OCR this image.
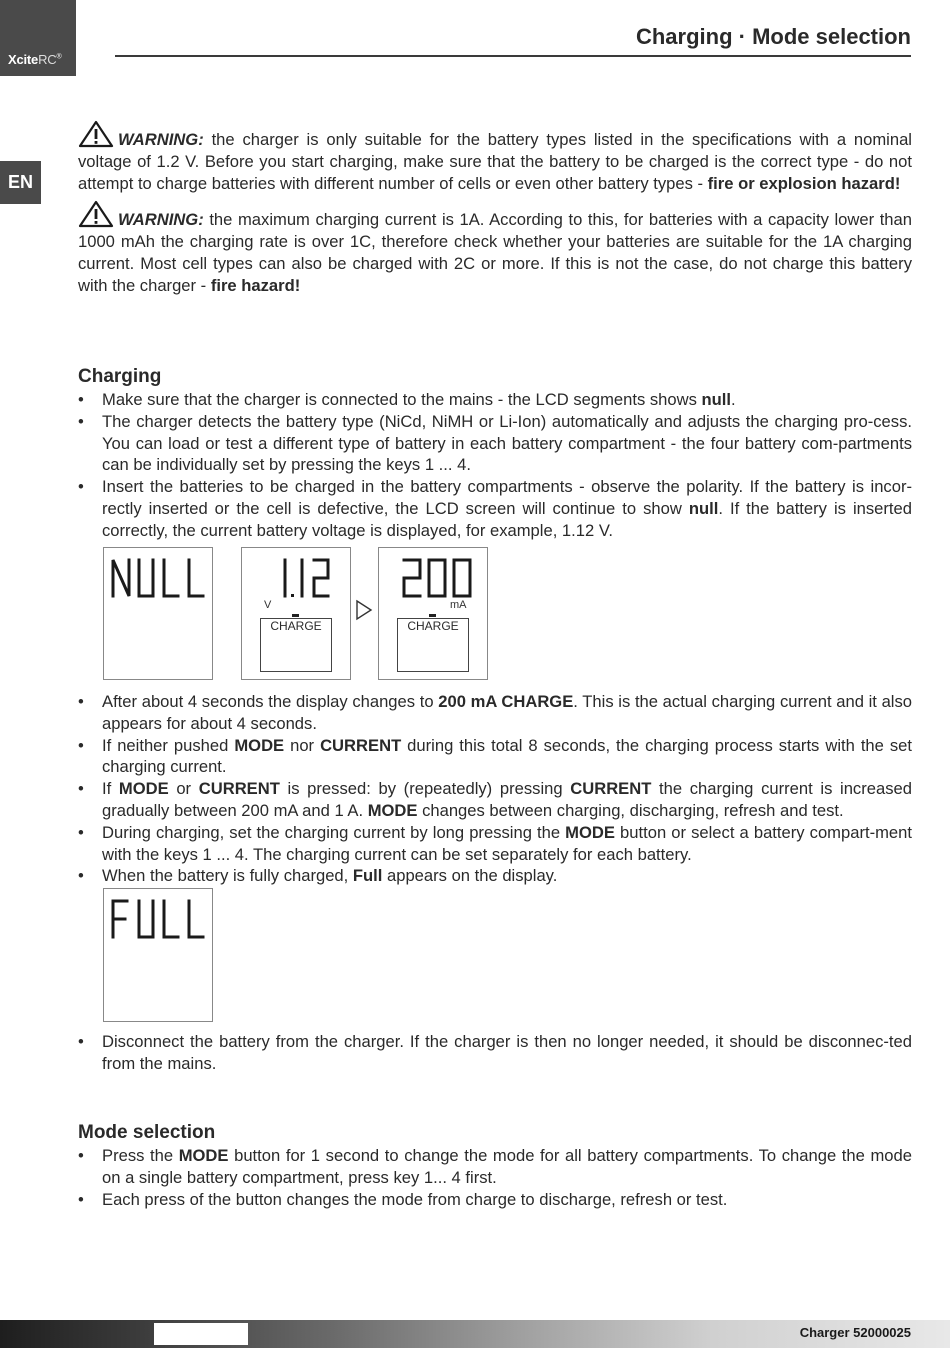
XciteRC®
EN
Charging · Mode selection

WARNING: the charger is only suitable for the battery types listed in the specifications with a nominal voltage of 1.2 V. Before you start charging, make sure that the battery to be charged is the correct type - do not attempt to charge batteries with different number of cells or even other battery types - fire or explosion hazard!

WARNING: the maximum charging current is 1A. According to this, for batteries with a capacity lower than 1000 mAh the charging rate is over 1C, therefore check whether your batteries are suitable for the 1A charging current. Most cell types can also be charged with 2C or more. If this is not the case, do not charge this battery with the charger - fire hazard!

Charging
• Make sure that the charger is connected to the mains - the LCD segments shows null.
• The charger detects the battery type (NiCd, NiMH or Li-Ion) automatically and adjusts the charging pro-cess. You can load or test a different type of battery in each battery compartment - the four battery com-partments can be individually set by pressing the keys 1 ... 4.
• Insert the batteries to be charged in the battery compartments - observe the polarity. If the battery is incor-rectly inserted or the cell is defective, the LCD screen will continue to show null. If the battery is inserted correctly, the current battery voltage is displayed, for example, 1.12 V.
V
CHARGE
mA
CHARGE
• After about 4 seconds the display changes to 200 mA CHARGE. This is the actual charging current and it also appears for about 4 seconds.
• If neither pushed MODE nor CURRENT during this total 8 seconds, the charging process starts with the set charging current.
• If MODE or CURRENT is pressed: by (repeatedly) pressing CURRENT the charging current is increased gradually between 200 mA and 1 A. MODE changes between charging, discharging, refresh and test.
• During charging, set the charging current by long pressing the MODE button or select a battery compart-ment with the keys 1 ... 4. The charging current can be set separately for each battery.
• When the battery is fully charged, Full appears on the display.
• Disconnect the battery from the charger. If the charger is then no longer needed, it should be disconnec-ted from the mains.
Mode selection
• Press the MODE button for 1 second to change the mode for all battery compartments. To change the mode on a single battery compartment, press key 1... 4 first.
• Each press of the button changes the mode from charge to discharge, refresh or test.
Charger 52000025
